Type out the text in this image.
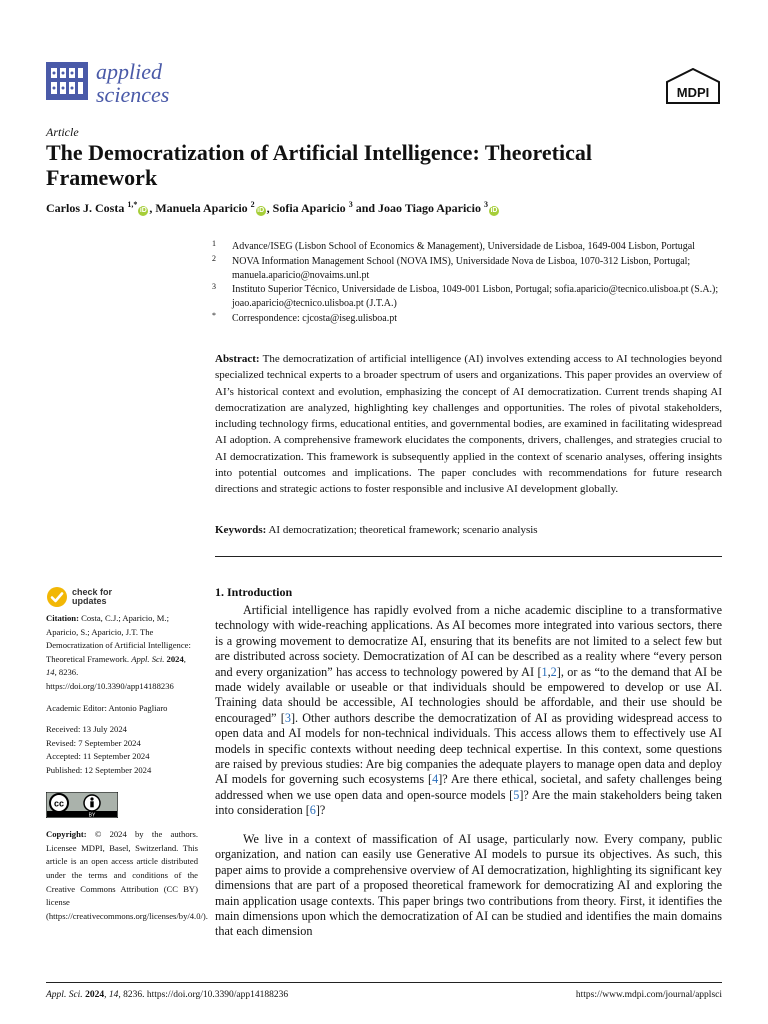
applied
sciences	MDPI
Article
The Democratization of Artificial Intelligence: Theoretical Framework
Carlos J. Costa $^{1,*}$iD , Manuela Aparicio $^2$iD , Sofia Aparicio $^3$ and Joao Tiago Aparicio $^3$iD
1 Advance/ISEG (Lisbon School of Economics & Management), Universidade de Lisboa, 1649-004 Lisbon, Portugal
2 NOVA Information Management School (NOVA IMS), Universidade Nova de Lisboa, 1070-312 Lisbon, Portugal; manuela.aparicio@novaims.unl.pt
3 Instituto Superior Técnico, Universidade de Lisboa, 1049-001 Lisbon, Portugal; sofia.aparicio@tecnico.ulisboa.pt (S.A.); joao.aparicio@tecnico.ulisboa.pt (J.T.A.)
* Correspondence: cjcosta@iseg.ulisboa.pt

Abstract: The democratization of artificial intelligence (AI) involves extending access to AI technologies beyond specialized technical experts to a broader spectrum of users and organizations. This paper provides an overview of AI’s historical context and evolution, emphasizing the concept of AI democratization. Current trends shaping AI democratization are analyzed, highlighting key challenges and opportunities. The roles of pivotal stakeholders, including technology firms, educational entities, and governmental bodies, are examined in facilitating widespread AI adoption. A comprehensive framework elucidates the components, drivers, challenges, and strategies crucial to AI democratization. This framework is subsequently applied in the context of scenario analyses, offering insights into potential outcomes and implications. The paper concludes with recommendations for future research directions and strategic actions to foster responsible and inclusive AI development globally.

Keywords: AI democratization; theoretical framework; scenario analysis
check for
updates

Citation: Costa, C.J.; Aparicio, M.; Aparicio, S.; Aparicio, J.T. The Democratization of Artificial Intelligence: Theoretical Framework. Appl. Sci. 2024, 14, 8236. https://doi.org/10.3390/app14188236

Academic Editor: Antonio Pagliaro

Received: 13 July 2024
Revised: 7 September 2024
Accepted: 11 September 2024
Published: 12 September 2024

cc
BY

Copyright: © 2024 by the authors. Licensee MDPI, Basel, Switzerland. This article is an open access article distributed under the terms and conditions of the Creative Commons Attribution (CC BY) license (https://creativecommons.org/licenses/by/4.0/).

1. Introduction

Artificial intelligence has rapidly evolved from a niche academic discipline to a transformative technology with wide-reaching applications. As AI becomes more integrated into various sectors, there is a growing movement to democratize AI, ensuring that its benefits are not limited to a select few but are distributed across society. Democratization of AI can be described as a reality where “every person and every organization” has access to technology powered by AI [1,2], or as “to the demand that AI be made widely available or useable or that individuals should be empowered to develop or use AI. Training data should be accessible, AI technologies should be affordable, and their use should be encouraged” [3]. Other authors describe the democratization of AI as providing widespread access to open data and AI models for non-technical individuals. This access allows them to effectively use AI models in specific contexts without needing deep technical expertise. In this context, some questions are raised by previous studies: Are big companies the adequate players to manage open data and deploy AI models for governing such ecosystems [4]? Are there ethical, societal, and safety challenges being addressed when we use open data and open-source models [5]? Are the main stakeholders being taken into consideration [6]?

We live in a context of massification of AI usage, particularly now. Every company, public organization, and nation can easily use Generative AI models to pursue its objectives. As such, this paper aims to provide a comprehensive overview of AI democratization, highlighting its significant key dimensions that are part of a proposed theoretical framework for democratizing AI and exploring the main application usage contexts. This paper brings two contributions from theory. First, it identifies the main dimensions upon which the democratization of AI can be studied and identifies the main domains that each dimension

Appl. Sci. 2024, 14, 8236. https://doi.org/10.3390/app14188236	https://www.mdpi.com/journal/applsci
